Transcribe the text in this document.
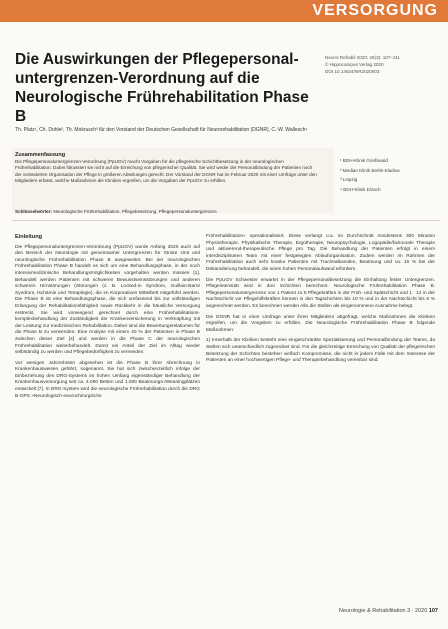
VERSORGUNG
Die Auswirkungen der Pflegepersonal-untergrenzen-Verordnung auf die Neurologische Frührehabilitation Phase B
Neurol Rehabil 2020; 26(3): 107–111
© Hippocampus Verlag 2020
DOI 10.14624/NR2020003
Th. Platz¹, Ch. Dohle², Th. Mokrusch³ für den Vorstand der Deutschen Gesellschaft für Neurorehabilitation (DGNR), C.-W. Wallesch⁴
Zusammenfassung
Die Pflegepersonaluntergrenzen-Verordnung (PpUGV) macht Vorgaben für die pflegerische Schichtbesetzung in der neurologischen Frührehabilitation. Dabei fokussiert sie nicht auf die Erreichung von pflegerischer Qualität. Sie wird weder der Personalbindung der Patienten noch der veränderten Organisation der Pflege in größeren Abteilungen gerecht. Der Vorstand der DGNR hat im Februar 2020 mit einer Umfrage unter den Mitgliedern erfasst, welche Maßnahmen die Kliniken ergreifen, um die Vorgaben der PpUGV zu erfüllen.
Schlüsselwörter: Neurologische Frührehabilitation, Pflegebesetzung, Pflegepersonaluntergrenzen
¹ BDH-Klinik Greifswald
² Median Klinik Berlin-Kladow
³ Leipzig
⁴ BDH-Klinik Elzach
Einleitung

Die Pflegepersonaluntergrenzen-Verordnung (PpUGV) wurde Anfang 2020 auch auf den Bereich der Neurologie mit gemeinsamer Untergrenzen für Stroke Unit und neurologische Frührehabilitation Phase B ausgeweitet. Bei der neurologischen Frührehabilitation Phase B handelt es sich um eine Behandlungsphase, in der noch intensivmedizinische Behandlungsmöglichkeiten vorgehalten werden müssen [1]. Behandelt werden Patienten mit schweren Bewusstseinsstörungen und anderen schweren Hirnstörungen (Störungen (z. B. Locked-in Syndrom, Guillain-Barré Syndrom, Ischämie und Tetraplegie), die im Korporativen Mittelbett mitgeführt werden. Die Phase B ist eine Behandlungsphase, die sich umfassend bis zur vollständigen Erlangung der Rehabilitationsfähigkeit sowie Rückkehr in die häusliche Versorgung erstreckt. Sie wird vorwiegend gerechnet durch eine Frührehabilitations-komplexbehandlung der Zuständigkeit der Krankenversicherung in Verknüpfung mit der Leistung zur medizinischen Rehabilitation. Daher sind die Bewertungsrelationen für die Phase B zu verwenden. Eine Analyse mit einem 40 % der Patienten in Phase B zwischen dieser Ziel [4] und werden in die Phase C der neurologischen Frührehabilitation weiterbehandelt. Damit ein Anteil der Ziel im Alltag wieder selbständig zu werden und Pflegebedürftigkeit zu vermeiden.

Vor wenigen Jahrzehnten abgesehen ist die Phase B ihrer Abrechnung in Krankenhausweisen geführt, sogenannt. Sie hat sich zwischenzeitlich infolge der Einbeziehung des DRG-Systems im hohen Umfang eigenständiger Behandlung der Krankenhausversorgung seit ca. 4.000 Betten und 1.000 Beatmungs-/Weaningplätzen entwickelt [7]. In DRG-System wird die neurologische Frührehabilitation durch die DRG B-OPS »Neurologisch-neurochirurgische

Frührehabilitation« operationalisiert. Diese verlangt u.a. im Durchschnitt mindestens 300 Minuten Physiotherapie, Physikalische Therapie, Ergotherapie, Neuropsychologie, Logopädie/fazioorale Therapie und aktivierend-therapeutische Pflege pro Tag. Die Behandlung der Patienten erfolgt in einem interdisziplinären Team mit einer festgelegten Ablauforganisation. Zudem werden im Rahmen der Frührehabilitation auch sehr kranke Patienten mit Trachealkanülen, Beatmung und ca. 15 % bei der Dekanülierung behandelt, die einen hohen Personalaufwand erfordern.

Die PpUGV Schwester erwartet in der Pflegepersonalbesetzung die Einhaltung fester Untergrenzen. Pflegeintensität wird in drei Schichten berechnet. Neurologische Frührehabilitation Phase B: Pflegepersonaluntergrenzen von 1 Patient zu 5 Pflegekräften in der Früh- und Spätschicht und 1 : 12 in der Nachtschicht vor Pflegehilfskräften können in den Tagschichten bis 10 % und in der Nachtschicht bis 8 % angerechnet werden. Es berechnen werden Alle die Stellen als eingenommene Ausnahme belegt.

Die DGNR hat in einer Umfrage unter ihren Mitgliedern abgefragt, welche Maßnahmen die Kliniken ergreifen, um die Vorgaben zu erfüllen. Die Neurologische Frührehabilitation Phase B folgende Maßnahmen:

1) Innerhalb der Kliniken besteht eine eingeschränkte Spezialisierung und Personalbindung der Teams, da Stellen sich unterschiedlich zugeordnet sind. Für die gleichzeitige Erreichung von Qualität der pflegerischen Besetzung der Schichten bestehen vielfach Kompromisse, die nicht in jedem Falle mit dem Interesse der Patienten an einer hochwertigen Pflege- und Therapiebehandlung vereinbar sind.

Neurologie & Rehabilitation 3 · 2020 107
